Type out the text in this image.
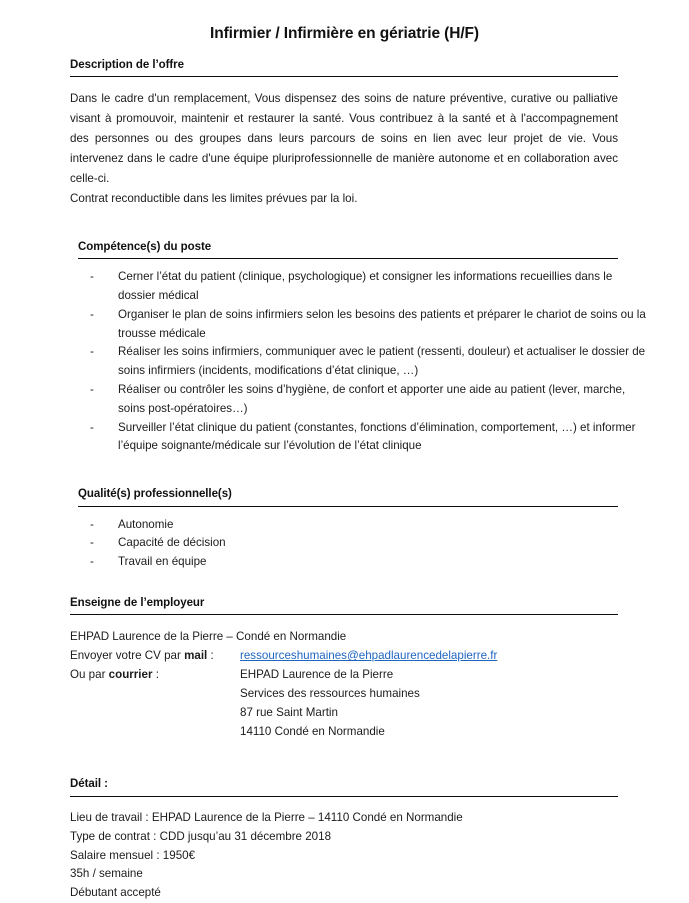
Infirmier / Infirmière en gériatrie (H/F)
Description de l’offre

Dans le cadre d'un remplacement, Vous dispensez des soins de nature préventive, curative ou palliative visant à promouvoir, maintenir et restaurer la santé. Vous contribuez à la santé et à l'accompagnement des personnes ou des groupes dans leurs parcours de soins en lien avec leur projet de vie. Vous intervenez dans le cadre d'une équipe pluriprofessionnelle de manière autonome et en collaboration avec celle-ci.
Contrat reconductible dans les limites prévues par la loi.

Compétence(s) du poste
- Cerner l’état du patient (clinique, psychologique) et consigner les informations recueillies dans le dossier médical
- Organiser le plan de soins infirmiers selon les besoins des patients et préparer le chariot de soins ou la trousse médicale
- Réaliser les soins infirmiers, communiquer avec le patient (ressenti, douleur) et actualiser le dossier de soins infirmiers (incidents, modifications d’état clinique, …)
- Réaliser ou contrôler les soins d’hygiène, de confort et apporter une aide au patient (lever, marche, soins post-opératoires…)
- Surveiller l’état clinique du patient (constantes, fonctions d’élimination, comportement, …) et informer l’équipe soignante/médicale sur l’évolution de l’état clinique
Qualité(s) professionnelle(s)
- Autonomie
- Capacité de décision
- Travail en équipe
Enseigne de l’employeur
EHPAD Laurence de la Pierre – Condé en Normandie
Envoyer votre CV par mail : ressourceshumaines@ehpadlaurencedelapierre.fr
Ou par courrier :	EHPAD Laurence de la Pierre
Services des ressources humaines
87 rue Saint Martin
14110 Condé en Normandie
Détail :
Lieu de travail : EHPAD Laurence de la Pierre – 14110 Condé en Normandie
Type de contrat : CDD jusqu’au 31 décembre 2018
Salaire mensuel : 1950€
35h / semaine
Débutant accepté
